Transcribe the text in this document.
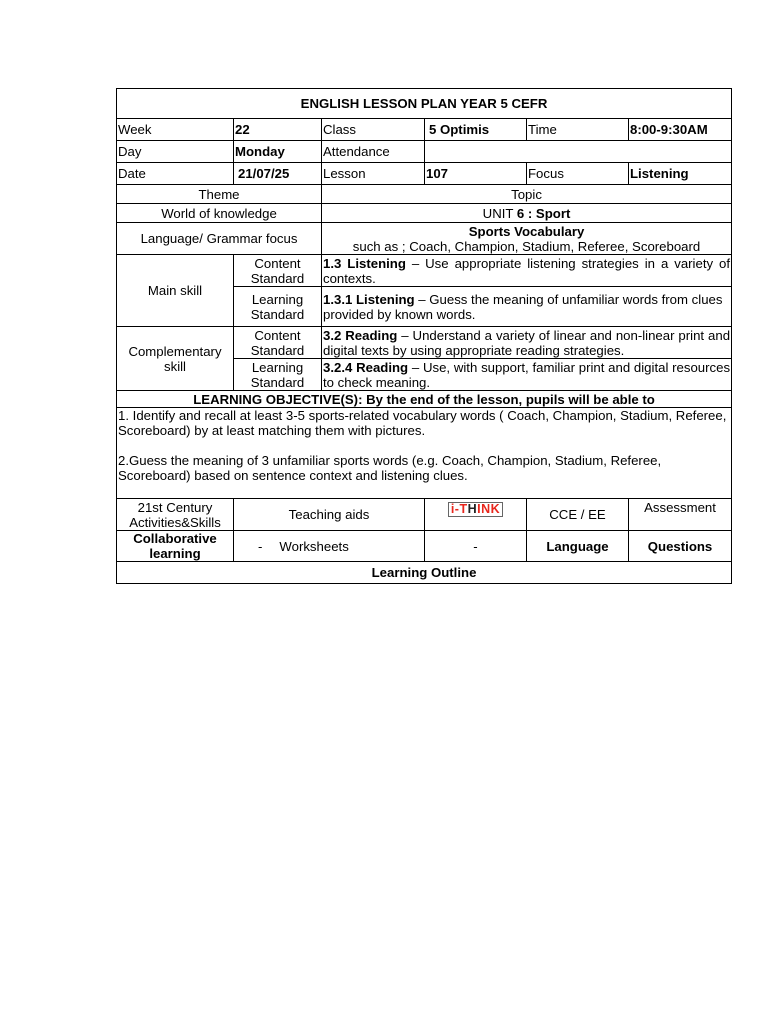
ENGLISH LESSON PLAN YEAR 5 CEFR					
Week	22	Class	5 Optimis	Time	8:00-9:30AM
Day	Monday	Attendance			
Date	21/07/25	Lesson	107	Focus	Listening
Theme		Topic			
World of knowledge		UNIT 6 : Sport			
Language/ Grammar focus		Sports Vocabulary
such as ; Coach, Champion, Stadium, Referee, Scoreboard			

Main skill	Content Standard	1.3 Listening – Use appropriate listening strategies in a variety of contexts.			
	Learning Standard	1.3.1 Listening – Guess the meaning of unfamiliar words from clues provided by known words.			
Complementary skill	Content Standard	3.2 Reading – Understand a variety of linear and non-linear print and digital texts by using appropriate reading strategies.			
	Learning Standard	3.2.4 Reading – Use, with support, familiar print and digital resources to check meaning.			
LEARNING OBJECTIVE(S): By the end of the lesson, pupils will be able to					

1. Identify and recall at least 3-5 sports-related vocabulary words ( Coach, Champion, Stadium, Referee, Scoreboard) by at least matching them with pictures.
2.Guess the meaning of 3 unfamiliar sports words (e.g. Coach, Champion, Stadium, Referee, Scoreboard) based on sentence context and listening clues.					

21st Century Activities&Skills	Teaching aids		i-THINK	CCE / EE	Assessment
Collaborative learning	- Worksheets		-	Language	Questions
Learning Outline					
